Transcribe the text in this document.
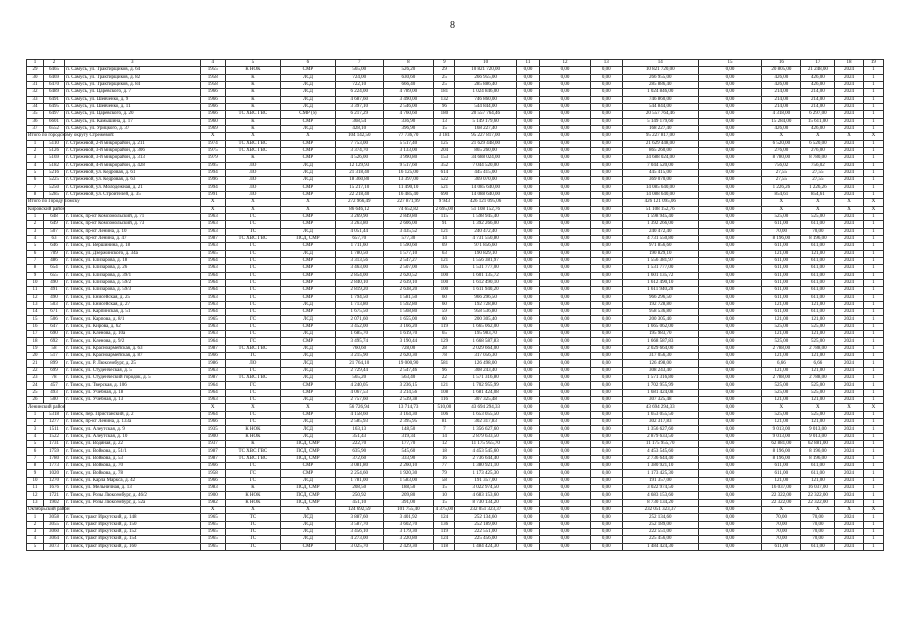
8
1	2	3	4	5	6	7	8	9	10	11	12	13	14	15	16	17	18	19
29	6465	п. Самусь, ул. Трактирщиков, д. 64	1955	К НОК	СМР	565,00	526,20	29	10 821 720,00	0,00	0,00	0,00	10 821 720,00	0,00	20 805,00	21 248,00	2024	1
30	6469	п. Самусь, ул. Трактирщиков, д. 82	1958	К	ЛСД	724,00	630,60	25	266 955,00	0,00	0,00	0,00	266 955,00	0,00	426,00	426,00	2024	1
31	6470	п. Самусь, ул. Трактирщиков, д. 84	1958	К	ЛСД	722,10	666,40	25	285 886,40	0,00	0,00	0,00	285 886,40	0,00	426,00	426,00	2024	1
32	6489	п. Самусь, ул. Царевского, д. 7	1966	К	ЛСД	6 224,00	4 789,00	181	1 024 846,00	0,00	0,00	0,00	1 024 846,00	0,00	214,00	214,00	2024	1
33	6491	п. Самусь, ул. Шевченко, д. 9	1966	К	ЛСД	4 687,60	3 490,00	132	746 860,00	0,00	0,00	0,00	746 860,00	0,00	214,00	214,00	2024	1
34	6495	п. Самусь, ул. Шевченко, д. 11	1966	К	ЛСД	3 397,10	2 546,00	96	544 844,00	0,00	0,00	0,00	544 844,00	0,00	214,00	214,00	2024	1
35	6497	п. Самусь, ул. Царевского, д. 20	1966	ТС ХВС ГВС	СМР (э)	6 217,29	4 760,60	180	20 557 764,46	0,00	0,00	0,00	20 557 764,46	0,00	4 318,00	6 297,00	2024	1
36	6601	п. Самусь, ул. Камышина, д. 17	1960	К	СМР	368,54	336,90	13	5 149 179,60	0,00	0,00	0,00	5 149 179,60	0,00	15 284,00	15 611,00	2024	1
37	6552	п. Самусь, ул. Урицкого, д. 37	1969	К	ЛСД	428,10	396,90	15	168 227,40	0,00	0,00	0,00	168 227,40	0,00	426,00	426,00	2024	1
Итого по городскому округу Стрежевой:			X	X	X	104 142,50	77 736,70	3 181	95 227 817,00	0,00	0,00	0,00	95 227 817,00	0,00	X	X	X	X
1	5110	г. Стрежевой, 2-й микрорайон, д. 211	1974	ТС ХВС ГВС	СМР	7 753,00	5 517,40	125	21 629 448,00	0,00	0,00	0,00	21 629 448,00	0,00	6 520,00	6 520,00	2024	1
2	5126	г. Стрежевой, 3-й микрорайон, д. 306	1975	ТС ХВС ГВС	СМР	3 374,70	3 133,00	204	865 260,00	0,00	0,00	0,00	865 260,00	0,00	276,00	276,00	2024	1
3	5169	г. Стрежевой, 3-й микрорайон, д. 313	1979	К	СМР	4 526,00	3 990,80	153	34 688 024,00	0,00	0,00	0,00	34 688 024,00	0,00	8 780,00	8 780,00	2024	1
4	5182	г. Стрежевой, 4-й микрорайон, д. 428	1995	ЛО	ЛСД	12 129,93	9 517,60	352	7 044 520,00	0,00	0,00	0,00	7 044 520,00	0,00	756,02	756,02	2024	1
5	5216	г. Стрежевой, ул. Кедровая, д. 61	1994	ЛО	ЛСД	21 318,40	16 125,00	614	445 415,00	0,00	0,00	0,00	445 415,00	0,00	27,55	27,55	2024	1
6	5225	г. Стрежевой, ул. Кедровая, д. 63	1996	ЛО	ЛСД	18 360,80	13 397,00	522	369 070,00	0,00	0,00	0,00	369 070,00	0,00	27,55	27,55	2024	1
7	5250	г. Стрежевой, ул. Молодежная, д. 21	1994	ЛО	СМР	15 217,10	11 490,10	521	14 085 640,00	0,00	0,00	0,00	14 085 640,00	0,00	1 226,26	1 226,26	2024	1
8	5285	г. Стрежевой, ул. Строителей, д. 35	1991	ЛО	СМР	22 218,40	16 485,40	690	14 088 640,00	0,00	0,00	0,00	14 088 640,00	0,00	854,61	854,61	2024	1
Итого по Городу Томску			X	X	X	272 966,49	227 871,99	9 943	426 121 095,06	0,00	0,00	0,00	426 121 095,06	0,00	X	X	X	X
Кировский район			X	X	X	86 646,12	74 652,82	2 695,00	51 108 152,76	0,00	0,00	0,00	51 108 152,76	0,00	X	X	X	X
1	648	г. Томск, пр-кт Комсомольский, д. 71	1963	ГС	СМР	3 269,90	2 849,80	115	1 598 945,40	0,00	0,00	0,00	1 598 945,40	0,00	525,00	525,00	2024	1
2	649	г. Томск, пр-кт Комсомольский, д. 73	1963	ГС	СМР	3 263,80	2 606,00	91	1 392 266,00	0,00	0,00	0,00	1 392 266,00	0,00	611,00	611,00	2024	1
3	507	г. Томск, пр-кт Ленина, д. 10	1963	ТС	ЛСД	4 051,44	3 435,52	121	240 472,40	0,00	0,00	0,00	240 472,40	0,00	70,00	70,00	2024	1
4	63	г. Томск, пр-кт Ленина, д. 47	1987	ТС ХВС ГВС	ПСД, СМР	657,70	577,30	14	4 731 550,80	0,00	0,00	0,00	4 731 550,80	0,00	8 196,00	8 196,00	2024	1
5	646	г. Томск, ул. Вершинина, д. 18	1963	ГС	СМР	1 711,60	1 590,60	69	971 856,60	0,00	0,00	0,00	971 856,60	0,00	611,00	611,00	2024	1
6	709	г. Томск, ул. Дзержинского, д. 34а	1965	ГС	ЛСД	1 780,50	1 577,10	63	190 829,10	0,00	0,00	0,00	190 829,10	0,00	121,00	121,00	2024	1
7	486	г. Томск, ул. Елизарова, д. 18	1964	ГС	СМР	3 313,56	2 547,27	121	1 556 381,97	0,00	0,00	0,00	1 556 381,97	0,00	611,00	611,00	2024	1
8	654	г. Томск, ул. Елизарова, д. 26	1963	ГС	СМР	3 463,00	2 507,00	105	1 531 777,00	0,00	0,00	0,00	1 531 777,00	0,00	611,00	611,00	2024	1
9	655	г. Томск, ул. Елизарова, д. 39/1	1964	ГС	СМР	2 854,00	2 620,52	100	1 601 135,72	0,00	0,00	0,00	1 601 135,72	0,00	611,00	611,00	2024	1
10	490	г. Томск, ул. Елизарова, д. 59/2	1964	ГС	СМР	2 840,10	2 639,10	100	1 612 490,10	0,00	0,00	0,00	1 612 490,10	0,00	611,00	611,00	2024	1
11	491	г. Томск, ул. Елизарова, д. 59/3	1964	ГС	СМР	2 819,20	2 638,20	100	1 611 940,20	0,00	0,00	0,00	1 611 940,20	0,00	611,00	611,00	2024	1
12	490	г. Томск, ул. Енисейская, д. 25	1963	ГС	СМР	1 794,50	1 581,50	60	966 296,50	0,00	0,00	0,00	966 296,50	0,00	611,00	611,00	2024	1
13	503	г. Томск, ул. Енисейская, д. 27	1963	ГС	ЛСД	1 713,80	1 592,80	60	192 728,80	0,00	0,00	0,00	192 728,80	0,00	121,00	121,00	2024	1
14	671	г. Томск, ул. Карпинская, д. 51	1964	ГС	СМР	1 675,50	1 568,80	59	958 536,80	0,00	0,00	0,00	958 536,80	0,00	611,00	611,00	2024	1
15	506	г. Томск, ул. Карпова, д. 8/1	1965	ГС	ЛСД	2 071,60	1 655,00	60	200 305,40	0,00	0,00	0,00	200 305,40	0,00	121,00	121,00	2024	1
16	647	г. Томск, ул. Кирова, д. 62	1963	ГС	СМР	3 452,00	3 166,20	119	1 665 062,00	0,00	0,00	0,00	1 665 062,00	0,00	525,00	525,00	2024	1
17	690	г. Томск, ул. Кленова, д. 10а	1963	ГС	ЛСД	1 685,70	1 619,70	65	195 983,70	0,00	0,00	0,00	195 983,70	0,00	121,00	121,00	2024	1
18	692	г. Томск, ул. Кленова, д. 9/2	1964	ГС	СМР	3 495,74	3 190,44	129	1 668 587,83	0,00	0,00	0,00	1 668 587,83	0,00	525,00	525,00	2024	1
19	58	г. Томск, ул. Красноармейская, д. 63	1987	ТС ХВС ГВС	ЛСД	760,60	728,00	28	2 029 664,00	0,00	0,00	0,00	2 029 664,00	0,00	2 788,00	2 788,00	2024	1
20	517	г. Томск, ул. Красноармейская, д. 87	1966	ТС	ЛСД	3 215,90	2 620,30	78	317 056,30	0,00	0,00	0,00	317 056,30	0,00	121,00	121,00	2024	1
21	899	г. Томск, ул. Р. Люксембург, д. 25	1986	ЛО	ЛСД	21 764,10	19 000,90	581	126 498,00	0,00	0,00	0,00	126 498,00	0,00	6,66	6,66	2024	1
22	699	г. Томск, ул. Студенческая, д. 5	1963	ГС	ЛСД	2 729,44	2 547,46	96	308 243,40	0,00	0,00	0,00	308 243,40	0,00	121,00	121,00	2024	1
23	78	г. Томск, ул. Студенческий городок, д. 5	1987	ТС ХВС ГВС	ЛСД	565,20	563,40	22	1 571 316,80	0,00	0,00	0,00	1 571 316,80	0,00	2 788,00	2 788,00	2024	1
24	457	г. Томск, ул. Тверская, д. 106	1964	ГС	СМР	4 240,05	3 236,15	121	1 702 955,99	0,00	0,00	0,00	1 702 955,99	0,00	525,00	525,00	2024	1
25	493	г. Томск, ул. Учебная, д. 18	1964	ГС	СМР	4 067,53	3 214,56	108	1 681 424,08	0,00	0,00	0,00	1 681 424,08	0,00	525,00	525,00	2024	1
26	500	г. Томск, ул. Учебная, д. 13	1963	ГС	ЛСД	2 757,60	2 539,38	116	307 325,48	0,00	0,00	0,00	307 325,48	0,00	121,00	121,00	2024	1
Ленинский район			X	X	X	56 726,94	13 714,73	510,00	43 694 294,33	0,00	0,00	0,00	43 694 294,33	0,00	X	X	X	X
1	5318	г. Томск, пер. Пристанский, д. 2	1964	ГС	СМР	4 158,60	3 164,30	106	1 653 055,50	0,00	0,00	0,00	1 653 055,50	0,00	525,00	525,00	2024	1
2	1277	г. Томск, пр-кт Ленина, д. 133а	1966	ГС	ЛСД	2 585,93	2 395,95	81	302 317,83	0,00	0,00	0,00	302 317,83	0,00	121,00	121,00	2024	1
3	1511	г. Томск, ул. Алеутская, д. 9	1935	К НОК	ЛСД	163,13	148,50	7	1 356 627,60	0,00	0,00	0,00	1 356 627,60	0,00	9 013,00	9 013,00	2024	1
4	1522	г. Томск, ул. Алеутская, д. 10	1900	К НОК	ЛСД	351,43	319,34	14	2 879 633,50	0,00	0,00	0,00	2 879 633,50	0,00	9 013,00	9 013,00	2024	1
5	1731	г. Томск, ул. Водяная, д. 22	1937	К	ПСД, СМР	222,70	177,70	12	11 175 955,70	0,00	0,00	0,00	11 175 955,70	0,00	62 881,00	62 881,00	2024	1
6	1759	г. Томск, ул. Войкова, д. 51/1	1987	ТС ХВС ГВС	ПСД, СМР	635,90	545,60	18	4 453 545,60	0,00	0,00	0,00	4 453 545,60	0,00	8 196,00	8 196,00	2024	1
7	1780	г. Томск, ул. Войкова, д. 53	1987	ТС ХВС ГВС	ПСД, СМР	372,60	333,90	16	2 736 644,40	0,00	0,00	0,00	2 736 644,40	0,00	8 196,00	8 196,00	2024	1
8	1773	г. Томск, ул. Войкова, д. 70	1966	ГС	СМР	3 081,80	2 260,10	77	1 380 921,10	0,00	0,00	0,00	1 380 921,10	0,00	611,00	611,00	2024	1
9	1020	г. Томск, ул. Войкова, д. 78	1958	ГС	СМР	2 254,60	1 920,30	79	1 173 425,30	0,00	0,00	0,00	1 173 425,30	0,00	611,00	611,00	2024	1
10	1270	г. Томск, ул. Карла Маркса, д. 42	1966	ГС	ЛСД	1 781,00	1 583,00	58	191 357,00	0,00	0,00	0,00	191 357,00	0,00	121,00	121,00	2024	1
11	1676	г. Томск, ул. Мельничная, д. 13	1983	К	ПСД, СМР	208,50	188,50	15	3 022 974,50	0,00	0,00	0,00	3 022 974,50	0,00	16 037,00	16 037,00	2024	1
12	1721	г. Томск, ул. Розы Люксембург, д. 46/2	1900	К НОК	ПСД, СМР	250,92	209,80	10	4 683 153,60	0,00	0,00	0,00	4 683 153,60	0,00	22 322,00	22 322,00	2024	1
13	1902	г. Томск, ул. Розы Люксембург, д. 52а	1982	К НОК	ПСД, СМР	451,10	391,00	15	8 730 134,20	0,00	0,00	0,00	8 730 134,20	0,00	22 322,00	22 322,00	2024	1
Октябрьский район			X	X	X	124 692,59	101 755,40	4 375,00	232 051 323,37	0,00	0,00	0,00	232 051 323,37	0,00	X	X	X	X
1	3058	г. Томск, тракт Иркутский, д. 148	1965	ТС	ЛСД	3 887,60	3 401,92	124	252 134,60	0,00	0,00	0,00	252 134,60	0,00	70,00	70,00	2024	1
2	3055	г. Томск, тракт Иркутский, д. 150	1965	ТС	ЛСД	3 587,70	3 602,70	136	252 189,00	0,00	0,00	0,00	252 189,00	0,00	70,00	70,00	2024	1
3	3060	г. Томск, тракт Иркутский, д. 152	1965	ТС	ЛСД	3 456,10	3 179,30	119	222 551,00	0,00	0,00	0,00	222 551,00	0,00	70,00	70,00	2024	1
4	3064	г. Томск, тракт Иркутский, д. 154	1965	ТС	ЛСД	4 273,00	3 220,80	124	225 456,00	0,00	0,00	0,00	225 456,00	0,00	70,00	70,00	2024	1
5	3073	г. Томск, тракт Иркутский, д. 160	1965	ТС	СМР	3 025,70	2 429,30	118	1 484 424,30	0,00	0,00	0,00	1 484 424,30	0,00	611,00	611,00	2024	1
